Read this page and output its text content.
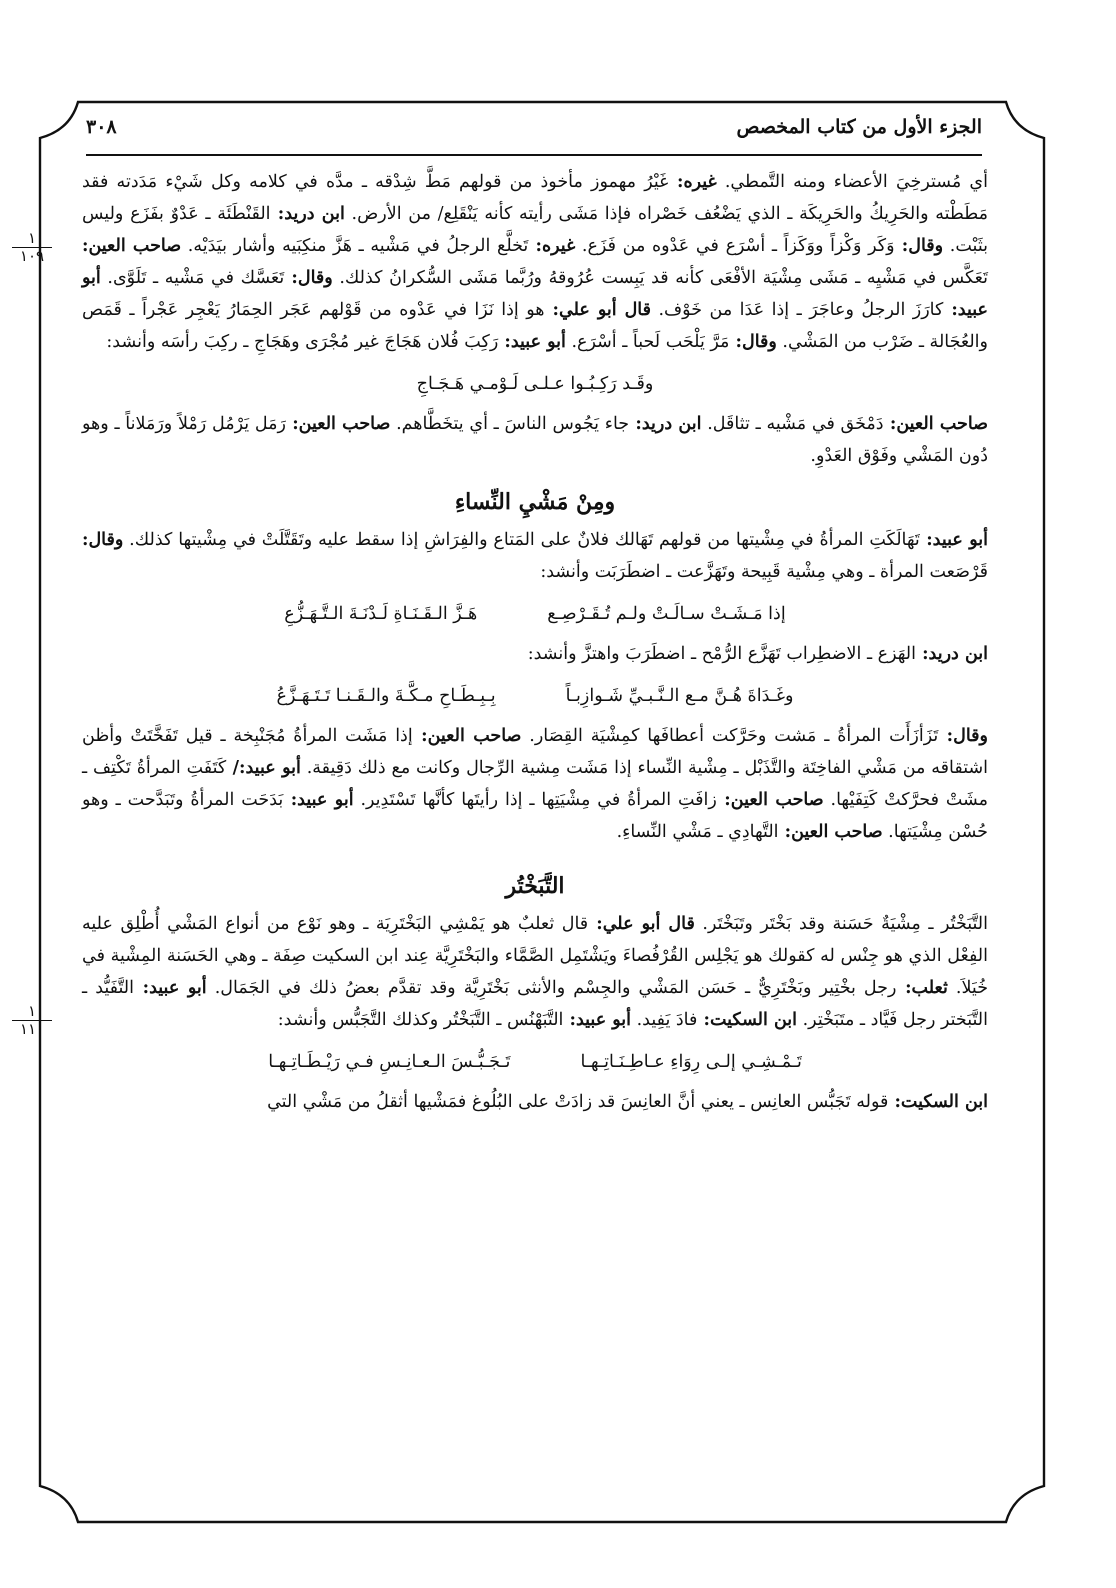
الجزء الأول من كتاب المخصص
٣٠٨
١
١٠٩
١
١١٠

أي مُسترخِيَ الأعضاء ومنه التَّمطي. غيره: غَيْرُ مهموز مأخوذ من قولهم مَطَّ شِدْقه ـ مدَّه في كلامه وكل شَيْء مَدَدته فقد مَطَطْته والحَرِيكُ والحَرِيكَة ـ الذي يَضْعُف خَصْراه فإذا مَشَى رأيته كأنه يَنْقَلِع/ من الأرض. ابن دريد: القَنْطَئَة ـ عَدْوٌ بفَزَع وليس بثَبْت. وقال: وَكَر وَكْزاً ووَكَزاً ـ أسْرَع في عَدْوه من فَزَع. غيره: تَخلَّع الرجلُ في مَشْيه ـ هَزَّ منكِبَيه وأشار بيَدَيْه. صاحب العين: تَعَكَّس في مَشْيِه ـ مَشَى مِشْيَة الأفْعَى كأنه قد يَبِست عُرُوقهُ ورُبَّما مَشَى السُّكرانُ كذلك. وقال: تَعَسَّك في مَشْيه ـ تَلَوَّى. أبو عبيد: كارَزَ الرجلُ وعاجَرَ ـ إذا عَدَا من خَوْف. قال أبو علي: هو إذا نَزَا في عَدْوه من قَوْلهم عَجَر الحِمَارُ يَعْجِر عَجْراً ـ قَمَص والعُجَالة ـ ضَرْب من المَشْي. وقال: مَرَّ يَلْحَب لَحباً ـ أسْرَع. أبو عبيد: رَكِبَ فُلان هَجَاجَ غير مُجْرَى وهَجَاجِ ـ ركِبَ رأسَه وأنشد:

وقَـد رَكِـبُـوا عـلـى لَـوْمـي هَـجَـاجِ

صاحب العين: دَمْخَق في مَشْيه ـ تثاقَل. ابن دريد: جاء يَجُوس الناسَ ـ أي يتخَطَّاهم. صاحب العين: رَمَل يَرْمُل رَمْلاً ورَمَلاناً ـ وهو دُون المَشْي وفَوْق العَدْوِ.

ومِنْ مَشْيِ النِّساءِ

أبو عبيد: تَهَالَكَتِ المرأةُ في مِشْيتها من قولهم تَهَالك فلانٌ على المَتاع والفِرَاشِ إذا سقط عليه وتَقَتَّلَتْ في مِشْيتها كذلك. وقال: قَرْصَعت المرأة ـ وهي مِشْية قَبِيحة وتَهَزَّعت ـ اضطَرَبَت وأنشد:

إذا مَـشَـتْ سـالَـتْ ولـم تُـقَـرْصِـع
هَـزَّ الـقَـنَـاةِ لَـدْنَـةَ الـتَّـهَـزُّعِ

ابن دريد: الهَزع ـ الاضطِراب تَهَزَّع الرُّمْح ـ اضطَرَبَ واهتزَّ وأنشد:

وغَـدَاةَ هُـنَّ مـع الـنَّـبـيِّ شَـوازِبـاً
بِـبِـطَـاحِ مـكَّـةَ والـقَـنـا تَـتَـهَـزَّعُ

وقال: تَزَأزَأَت المرأةُ ـ مَشت وحَرَّكت أعطافَها كمِشْيَة القِصَار. صاحب العين: إذا مَشَت المرأةُ مُجَنْبِخة ـ قيل تَفَخَّتَتْ وأظن اشتقاقه من مَشْي الفاخِتَة والتَّذَبْل ـ مِشْية النِّساء إذا مَشَت مِشية الرِّجال وكانت مع ذلك دَقِيقة. أبو عبيد:/ كَتَفَتِ المرأةُ تَكْتِف ـ مشَتْ فحرَّكتْ كَتِفَيْها. صاحب العين: زافَتِ المرأةُ في مِشْيَتِها ـ إذا رأيتَها كأنَّها تَسْتَدِير. أبو عبيد: بَدَحَت المرأةُ وتَبَدَّحت ـ وهو حُسْن مِشْيَتها. صاحب العين: التَّهادِي ـ مَشْي النِّساءِ.

التَّبَخْتُر

التَّبَخْتُر ـ مِشْيَةٌ حَسَنة وقد بَخْتَر وتَبَخْتَر. قال أبو علي: قال ثعلبٌ هو يَمْشِي البَخْتَرِيَة ـ وهو نَوْع من أنواع المَشْي أُطْلِق عليه الفِعْل الذي هو جِنْس له كقولك هو يَجْلِس القُرْفُصاءَ ويَشْتَمِل الصَّمَّاء والبَخْتَرِيَّة عِند ابن السكيت صِفَة ـ وهي الحَسَنة المِشْية في خُيَلاَ. ثعلب: رجل بخْتِير وبَخْتَرِيٌّ ـ حَسَن المَشْي والجِسْم والأنثى بَخْتَرِيَّة وقد تقدَّم بعضُ ذلك في الجَمَال. أبو عبيد: التَّفَيُّد ـ التَّبَختر رجل فَيَّاد ـ متَبَخْتِر. ابن السكيت: فادَ يَفِيد. أبو عبيد: التَّبَهْنُس ـ التَّبَخْتُر وكذلك التَّجَبُّس وأنشد:

تَـمْـشِـي إلـى رِوَاءِ عـاطِـنَـاتِـهـا
تَـجَـبُّـسَ الـعـانِـسِ فـي رَيْـطَـاتِـهـا

ابن السكيت: قوله تَجَبُّس العانِس ـ يعني أنَّ العانِسَ قد زادَتْ على البُلُوغ فمَشْيها أثقلُ من مَشْي التي
